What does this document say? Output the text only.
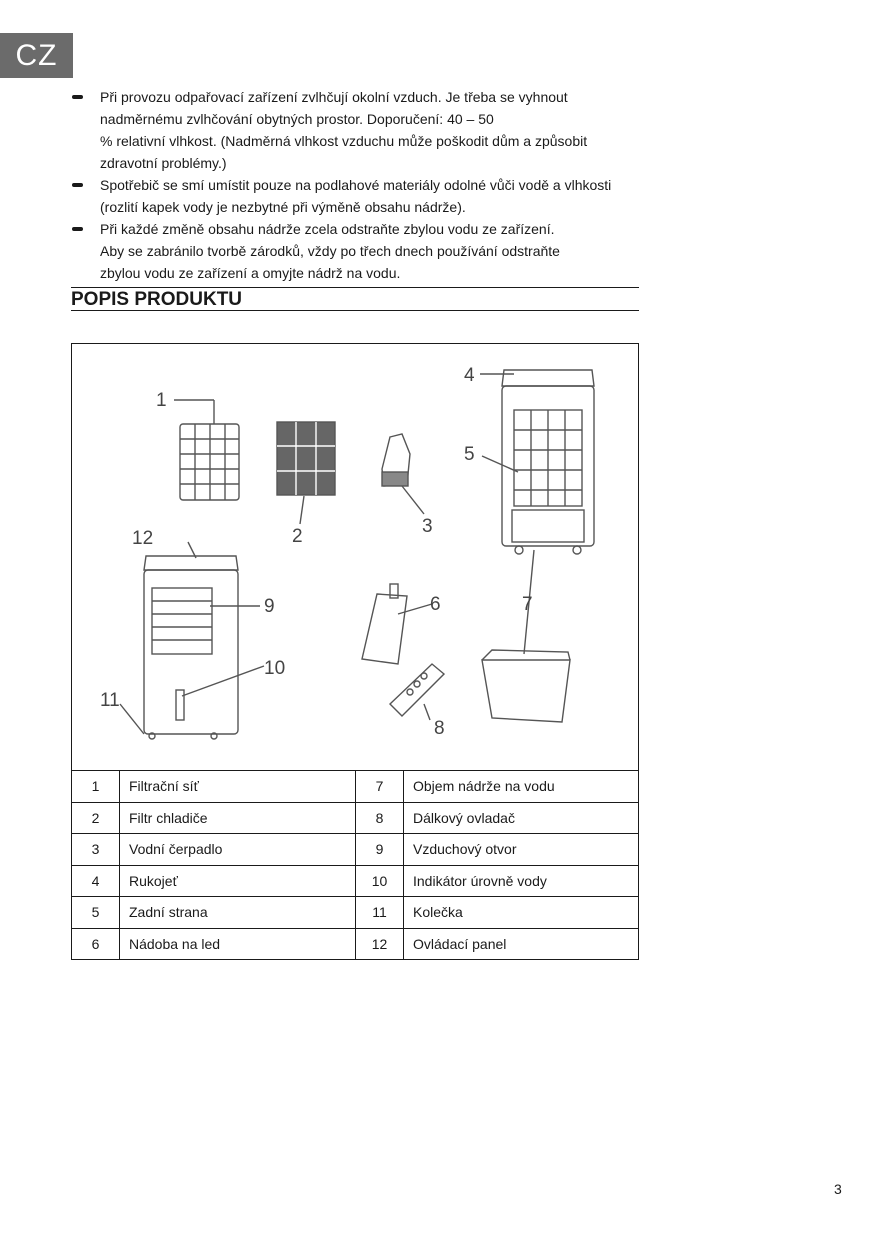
CZ
Při provozu odpařovací zařízení zvlhčují okolní vzduch. Je třeba se vyhnout
nadměrnému zvlhčování obytných prostor. Doporučení: 40 – 50
% relativní vlhkost. (Nadměrná vlhkost vzduchu může poškodit dům a způsobit
zdravotní problémy.)
Spotřebič se smí umístit pouze na podlahové materiály odolné vůči vodě a vlhkosti
(rozlití kapek vody je nezbytné při výměně obsahu nádrže).
Při každé změně obsahu nádrže zcela odstraňte zbylou vodu ze zařízení.
Aby se zabránilo tvorbě zárodků, vždy po třech dnech používání odstraňte
zbylou vodu ze zařízení a omyjte nádrž na vodu.
POPIS PRODUKTU
1
2	3
4
5
6	7
8
9
10
11
12
1	Filtrační síť	7	Objem nádrže na vodu
2	Filtr chladiče	8	Dálkový ovladač
3	Vodní čerpadlo	9	Vzduchový otvor
4	Rukojeť	10	Indikátor úrovně vody
5	Zadní strana	11	Kolečka
6	Nádoba na led	12	Ovládací panel
3
